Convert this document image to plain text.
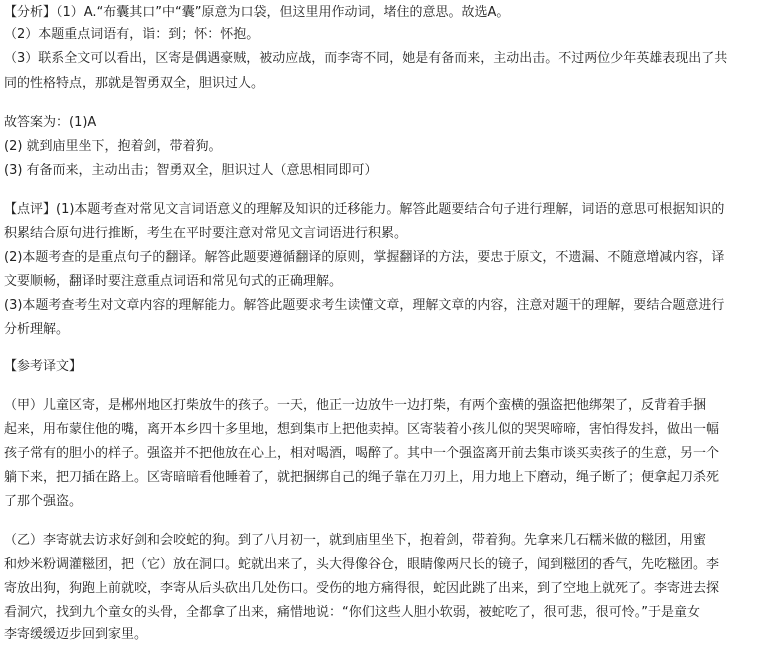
【分析】（1）A.“布囊其口”中“囊”原意为口袋，但这里用作动词，堵住的意思。故选A。
（2）本题重点词语有，诣：到；怀：怀抱。
（3）联系全文可以看出，区寄是偶遇豪贼，被动应战，而李寄不同，她是有备而来，主动出击。不过两位少年英雄表现出了共
同的性格特点，那就是智勇双全，胆识过人。
故答案为：(1)A
(2) 就到庙里坐下，抱着剑，带着狗。
(3) 有备而来，主动出击；智勇双全，胆识过人（意思相同即可）
【点评】(1)本题考查对常见文言词语意义的理解及知识的迁移能力。解答此题要结合句子进行理解，词语的意思可根据知识的
积累结合原句进行推断，考生在平时要注意对常见文言词语进行积累。
(2)本题考查的是重点句子的翻译。解答此题要遵循翻译的原则，掌握翻译的方法，要忠于原文，不遗漏、不随意增减内容，译
文要顺畅，翻译时要注意重点词语和常见句式的正确理解。
(3)本题考查考生对文章内容的理解能力。解答此题要求考生读懂文章，理解文章的内容，注意对题干的理解，要结合题意进行
分析理解。
【参考译文】
（甲）儿童区寄，是郴州地区打柴放牛的孩子。一天，他正一边放牛一边打柴，有两个蛮横的强盗把他绑架了，反背着手捆
起来，用布蒙住他的嘴，离开本乡四十多里地，想到集市上把他卖掉。区寄装着小孩儿似的哭哭啼啼，害怕得发抖，做出一幅
孩子常有的胆小的样子。强盗并不把他放在心上，相对喝酒，喝醉了。其中一个强盗离开前去集市谈买卖孩子的生意，另一个
躺下来，把刀插在路上。区寄暗暗看他睡着了，就把捆绑自己的绳子靠在刀刃上，用力地上下磨动，绳子断了；便拿起刀杀死
了那个强盗。
（乙）李寄就去访求好剑和会咬蛇的狗。到了八月初一，就到庙里坐下，抱着剑，带着狗。先拿来几石糯米做的糍团，用蜜
和炒米粉调灌糍团，把（它）放在洞口。蛇就出来了，头大得像谷仓，眼睛像两尺长的镜子，闻到糍团的香气，先吃糍团。李
寄放出狗，狗跑上前就咬，李寄从后头砍出几处伤口。受伤的地方痛得很，蛇因此跳了出来，到了空地上就死了。李寄进去探
看洞穴，找到九个童女的头骨，全都拿了出来，痛惜地说：“你们这些人胆小软弱，被蛇吃了，很可悲，很可怜。”于是童女
李寄缓缓迈步回到家里。
